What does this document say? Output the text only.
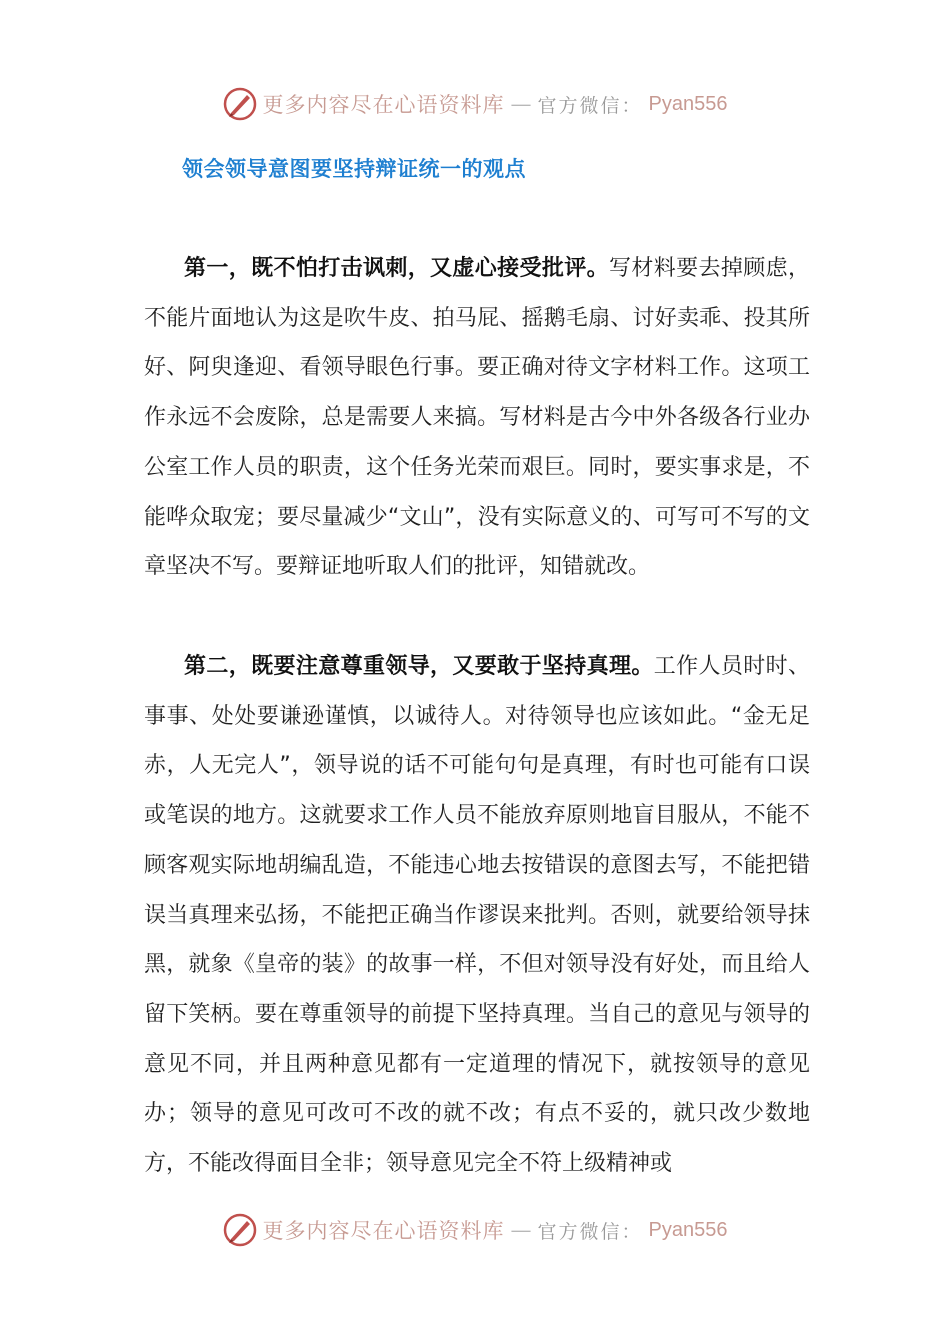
更多内容尽在心语资料库 — 官方微信： Pyan556
领会领导意图要坚持辩证统一的观点

第一，既不怕打击讽刺，又虚心接受批评。写材料要去掉顾虑，不能片面地认为这是吹牛皮、拍马屁、摇鹅毛扇、讨好卖乖、投其所好、阿臾逢迎、看领导眼色行事。要正确对待文字材料工作。这项工作永远不会废除，总是需要人来搞。写材料是古今中外各级各行业办公室工作人员的职责，这个任务光荣而艰巨。同时，要实事求是，不能哗众取宠；要尽量减少“文山”，没有实际意义的、可写可不写的文章坚决不写。要辩证地听取人们的批评，知错就改。

第二，既要注意尊重领导，又要敢于坚持真理。工作人员时时、事事、处处要谦逊谨慎，以诚待人。对待领导也应该如此。“金无足赤，人无完人”，领导说的话不可能句句是真理，有时也可能有口误或笔误的地方。这就要求工作人员不能放弃原则地盲目服从，不能不顾客观实际地胡编乱造，不能违心地去按错误的意图去写，不能把错误当真理来弘扬，不能把正确当作谬误来批判。否则，就要给领导抹黑，就象《皇帝的装》的故事一样，不但对领导没有好处，而且给人留下笑柄。要在尊重领导的前提下坚持真理。当自己的意见与领导的意见不同，并且两种意见都有一定道理的情况下，就按领导的意见办；领导的意见可改可不改的就不改；有点不妥的，就只改少数地方，不能改得面目全非；领导意见完全不符上级精神或

更多内容尽在心语资料库 — 官方微信： Pyan556
